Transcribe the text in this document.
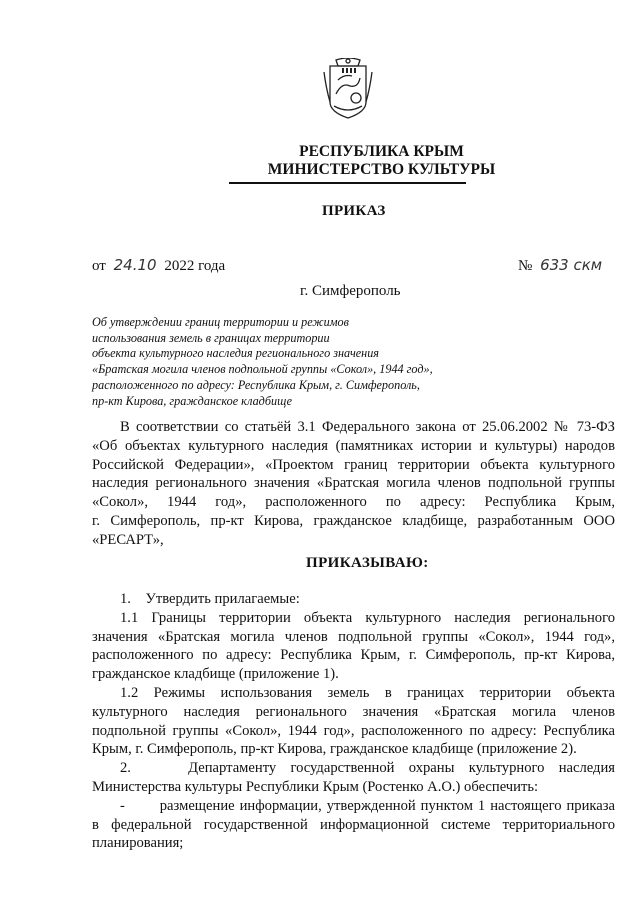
РЕСПУБЛИКА КРЫМ
МИНИСТЕРСТВО КУЛЬТУРЫ
ПРИКАЗ
от 24.10 2022 года	№ 633 скм
г. Симферополь
Об утверждении границ территории и режимов
использования земель в границах территории
объекта культурного наследия регионального значения
«Братская могила членов подпольной группы «Сокол», 1944 год»,
расположенного по адресу: Республика Крым, г. Симферополь,
пр-кт Кирова, гражданское кладбище
В соответствии со статьёй 3.1 Федерального закона от 25.06.2002 № 73-ФЗ
«Об объектах культурного наследия (памятниках истории и культуры) народов
Российской Федерации», «Проектом границ территории объекта культурного
наследия регионального значения «Братская могила членов подпольной группы
«Сокол», 1944 год», расположенного по адресу: Республика Крым,
г. Симферополь, пр-кт Кирова, гражданское кладбище, разработанным ООО
«РЕСАРТ»,
ПРИКАЗЫВАЮ:
1.    Утвердить прилагаемые:
1.1 Границы территории объекта культурного наследия регионального
значения «Братская могила членов подпольной группы «Сокол», 1944 год»,
расположенного по адресу: Республика Крым, г. Симферополь, пр-кт Кирова,
гражданское кладбище (приложение 1).
1.2 Режимы использования земель в границах территории объекта
культурного наследия регионального значения «Братская могила членов
подпольной группы «Сокол», 1944 год», расположенного по адресу: Республика
Крым, г. Симферополь, пр-кт Кирова, гражданское кладбище (приложение 2).
2.    Департаменту государственной охраны культурного наследия
Министерства культуры Республики Крым (Ростенко А.О.) обеспечить:
-       размещение информации, утвержденной пунктом 1 настоящего приказа
в федеральной государственной информационной системе территориального
планирования;
